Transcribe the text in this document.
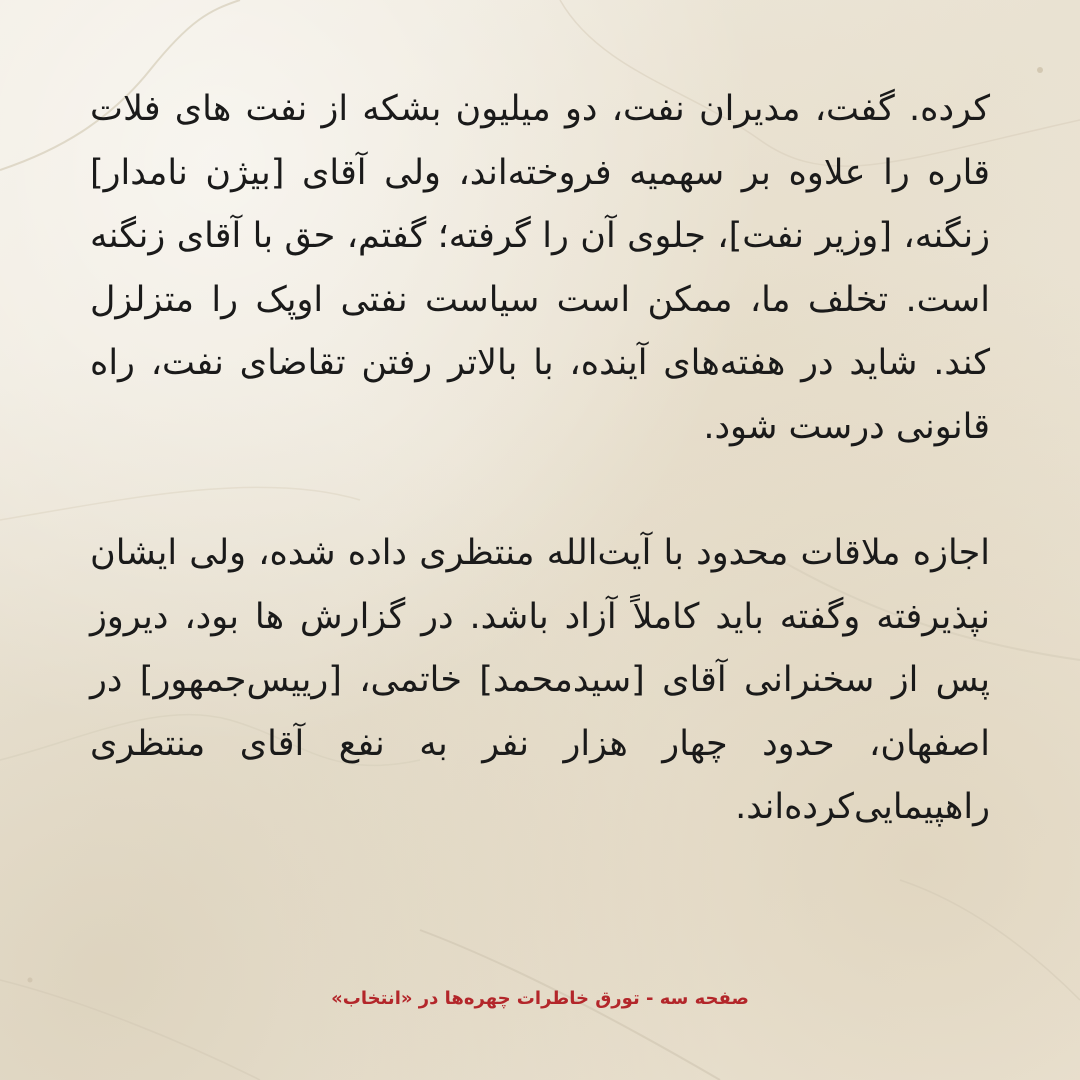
کرده. گفت، مدیران نفت، دو میلیون بشکه از نفت های فلات قاره را علاوه بر سهمیه فروخته‌اند، ولی آقای [بیژن نامدار] زنگنه، [وزیر نفت]، جلوی آن را گرفته؛ گفتم، حق با آقای زنگنه است. تخلف ما، ممکن است سیاست نفتی اوپک را متزلزل کند. شاید در هفته‌های آینده، با بالاتر رفتن تقاضای نفت، راه قانونی درست شود.

اجازه ملاقات محدود با آیت‌الله منتظری داده شده، ولی ایشان نپذیرفته وگفته باید کاملاً آزاد باشد. در گزارش ها بود، دیروز پس از سخنرانی آقای [سیدمحمد] خاتمی، [رییس‌جمهور] در اصفهان، حدود چهار هزار نفر به نفع آقای منتظری راهپیمایی‌کرده‌اند.

صفحه سه - تورق خاطرات چهره‌ها در «انتخاب»
